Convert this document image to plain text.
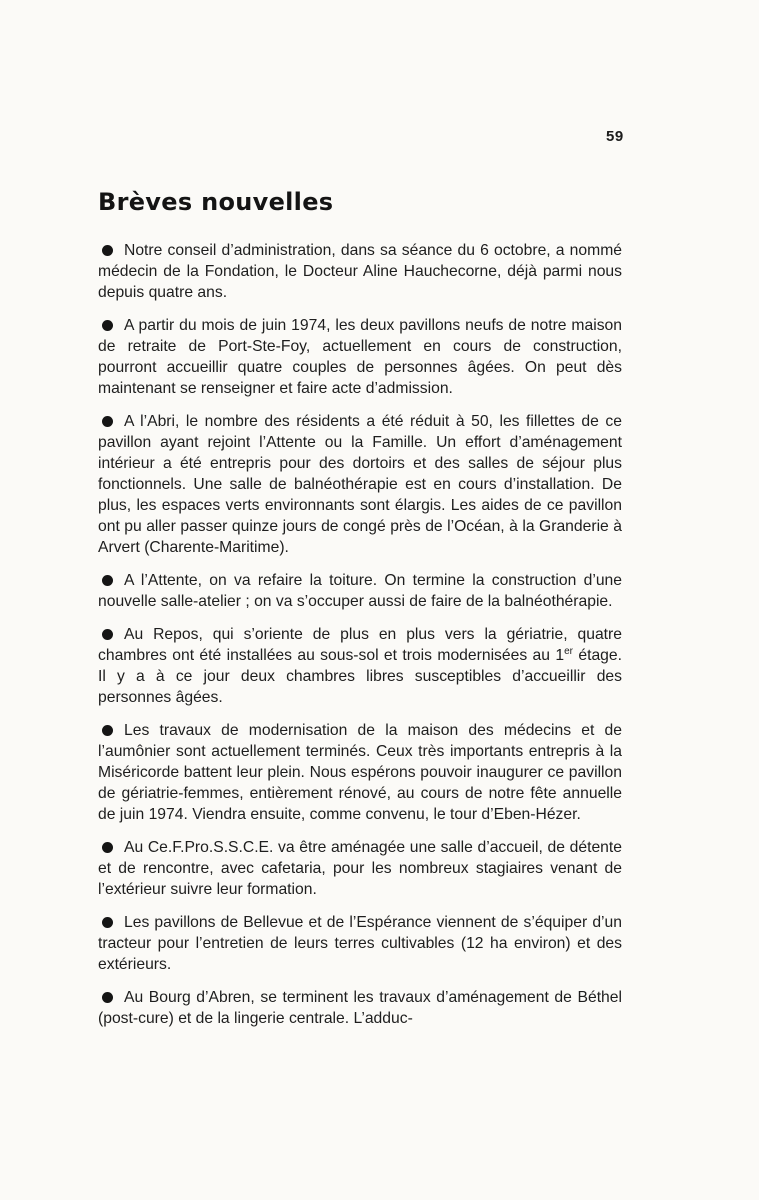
59
Brèves nouvelles

Notre conseil d’administration, dans sa séance du 6 octobre, a nommé médecin de la Fondation, le Docteur Aline Hauchecorne, déjà parmi nous depuis quatre ans.

A partir du mois de juin 1974, les deux pavillons neufs de notre maison de retraite de Port-Ste-Foy, actuellement en cours de construction, pourront accueillir quatre couples de personnes âgées. On peut dès maintenant se renseigner et faire acte d’admission.

A l’Abri, le nombre des résidents a été réduit à 50, les fillettes de ce pavillon ayant rejoint l’Attente ou la Famille. Un effort d’aménagement intérieur a été entrepris pour des dortoirs et des salles de séjour plus fonctionnels. Une salle de balnéothérapie est en cours d’installation. De plus, les espaces verts environnants sont élargis. Les aides de ce pavillon ont pu aller passer quinze jours de congé près de l’Océan, à la Granderie à Arvert (Charente-Maritime).

A l’Attente, on va refaire la toiture. On termine la construction d’une nouvelle salle-atelier ; on va s’occuper aussi de faire de la balnéothérapie.

Au Repos, qui s’oriente de plus en plus vers la gériatrie, quatre chambres ont été installées au sous-sol et trois modernisées au 1er étage. Il y a à ce jour deux chambres libres susceptibles d’accueillir des personnes âgées.

Les travaux de modernisation de la maison des médecins et de l’aumônier sont actuellement terminés. Ceux très importants entrepris à la Miséricorde battent leur plein. Nous espérons pouvoir inaugurer ce pavillon de gériatrie-femmes, entièrement rénové, au cours de notre fête annuelle de juin 1974. Viendra ensuite, comme convenu, le tour d’Eben-Hézer.

Au Ce.F.Pro.S.S.C.E. va être aménagée une salle d’accueil, de détente et de rencontre, avec cafetaria, pour les nombreux stagiaires venant de l’extérieur suivre leur formation.

Les pavillons de Bellevue et de l’Espérance viennent de s’équiper d’un tracteur pour l’entretien de leurs terres cultivables (12 ha environ) et des extérieurs.

Au Bourg d’Abren, se terminent les travaux d’aménagement de Béthel (post-cure) et de la lingerie centrale. L’adduc-
